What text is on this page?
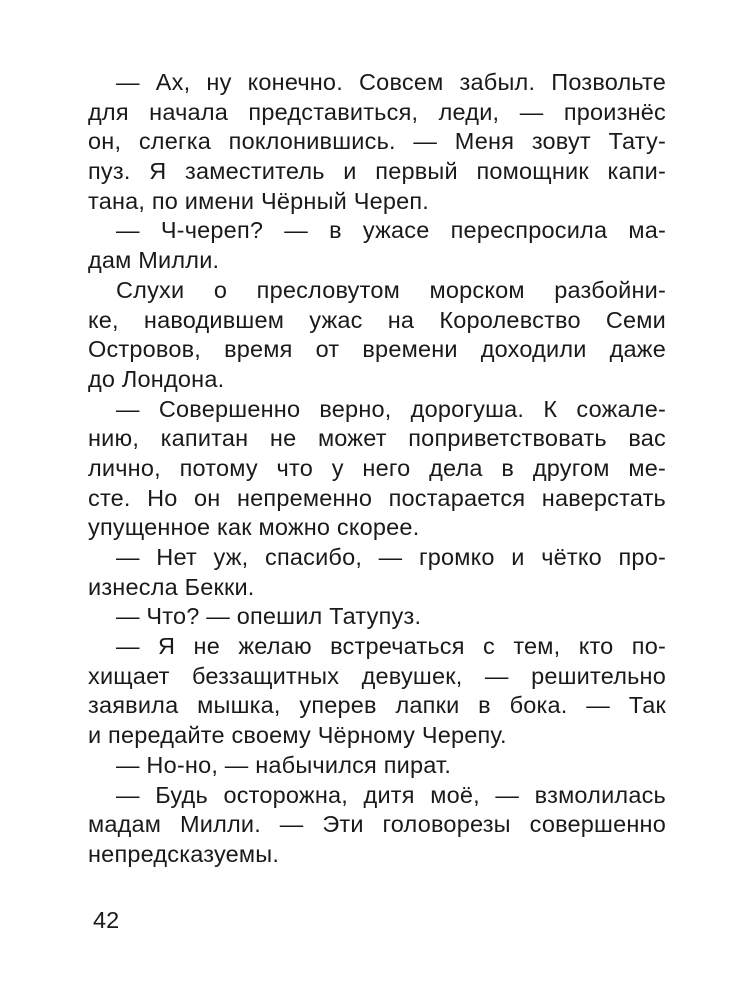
— Ах, ну конечно. Совсем забыл. Позвольте
для начала представиться, леди, — произнёс
он, слегка поклонившись. — Меня зовут Тату-
пуз. Я заместитель и первый помощник капи-
тана, по имени Чёрный Череп.
— Ч-череп? — в ужасе переспросила ма-
дам Милли.
Слухи о пресловутом морском разбойни-
ке, наводившем ужас на Королевство Семи
Островов, время от времени доходили даже
до Лондона.
— Совершенно верно, дорогуша. К сожале-
нию, капитан не может поприветствовать вас
лично, потому что у него дела в другом ме-
сте. Но он непременно постарается наверстать
упущенное как можно скорее.
— Нет уж, спасибо, — громко и чётко про-
изнесла Бекки.
— Что? — опешил Татупуз.
— Я не желаю встречаться с тем, кто по-
хищает беззащитных девушек, — решительно
заявила мышка, уперев лапки в бока. — Так
и передайте своему Чёрному Черепу.
— Но-но, — набычился пират.
— Будь осторожна, дитя моё, — взмолилась
мадам Милли. — Эти головорезы совершенно
непредсказуемы.
42
